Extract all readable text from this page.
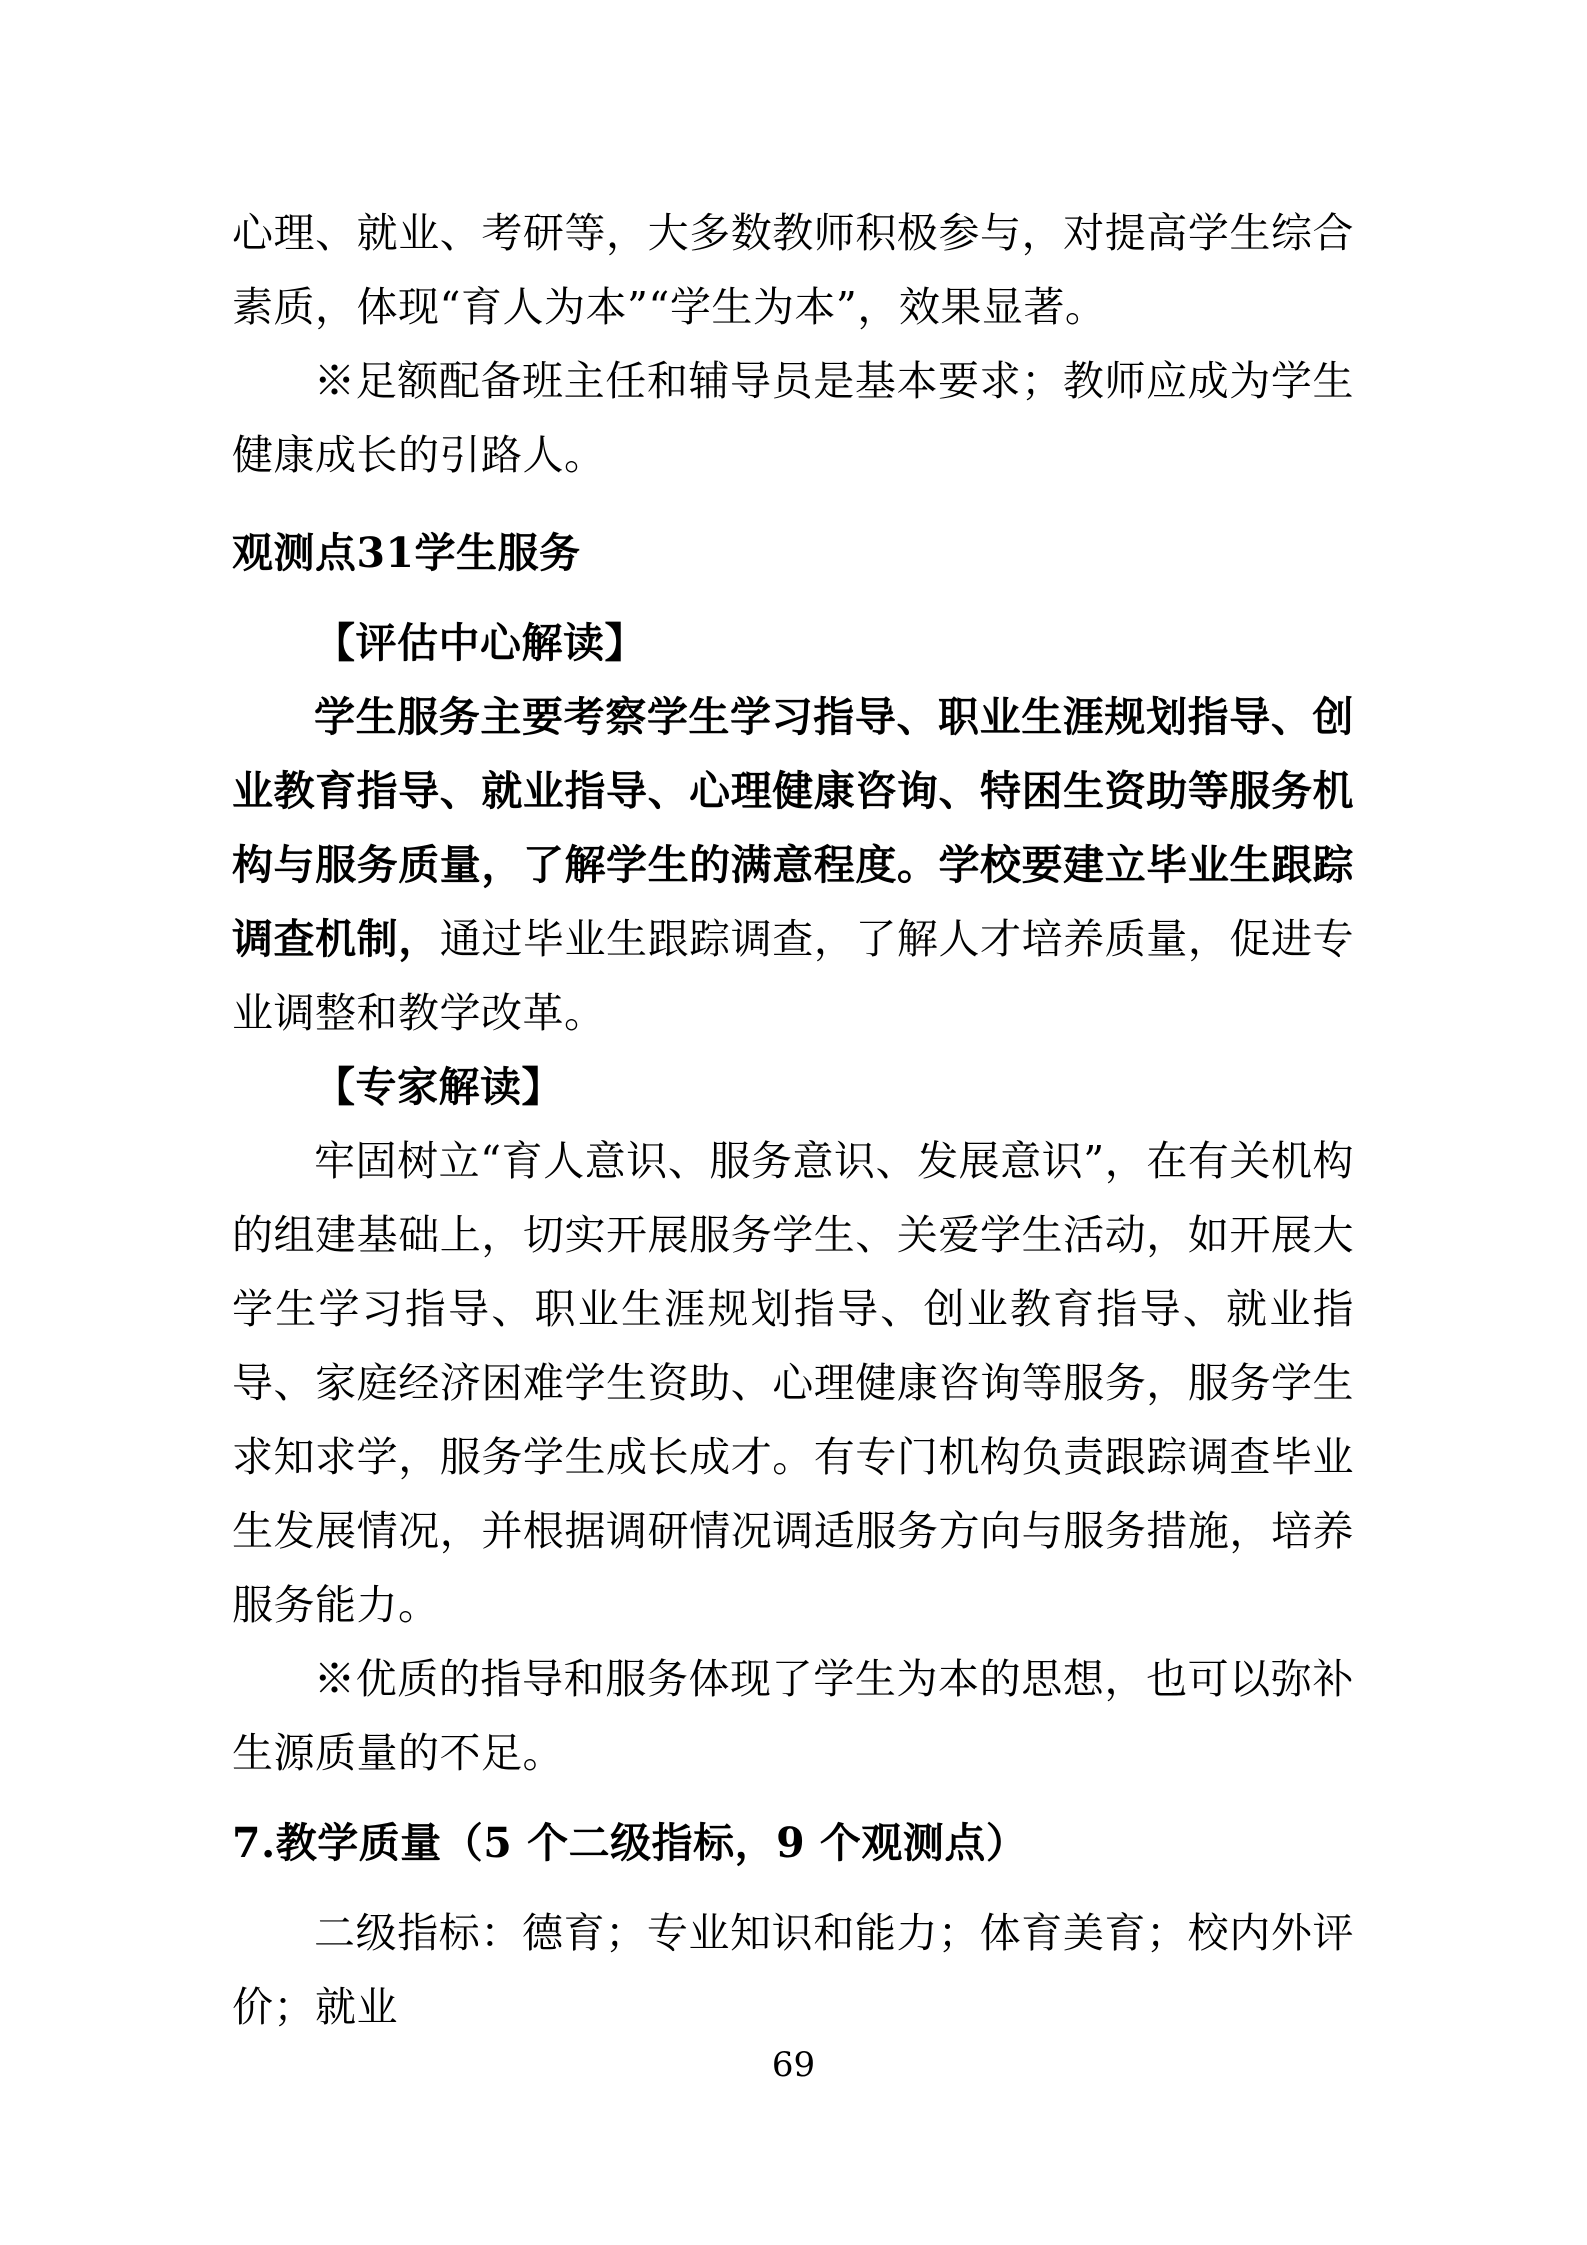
心理、就业、考研等，大多数教师积极参与，对提高学生综合素质，体现“育人为本”“学生为本”，效果显著。

※足额配备班主任和辅导员是基本要求；教师应成为学生健康成长的引路人。

观测点31学生服务

【评估中心解读】

学生服务主要考察学生学习指导、职业生涯规划指导、创业教育指导、就业指导、心理健康咨询、特困生资助等服务机构与服务质量，了解学生的满意程度。学校要建立毕业生跟踪调查机制，通过毕业生跟踪调查，了解人才培养质量，促进专业调整和教学改革。

【专家解读】

牢固树立“育人意识、服务意识、发展意识”，在有关机构的组建基础上，切实开展服务学生、关爱学生活动，如开展大学生学习指导、职业生涯规划指导、创业教育指导、就业指导、家庭经济困难学生资助、心理健康咨询等服务，服务学生求知求学，服务学生成长成才。有专门机构负责跟踪调查毕业生发展情况，并根据调研情况调适服务方向与服务措施，培养服务能力。

※优质的指导和服务体现了学生为本的思想，也可以弥补生源质量的不足。

7.教学质量（5 个二级指标，9 个观测点）

二级指标：德育；专业知识和能力；体育美育；校内外评价；就业

69
